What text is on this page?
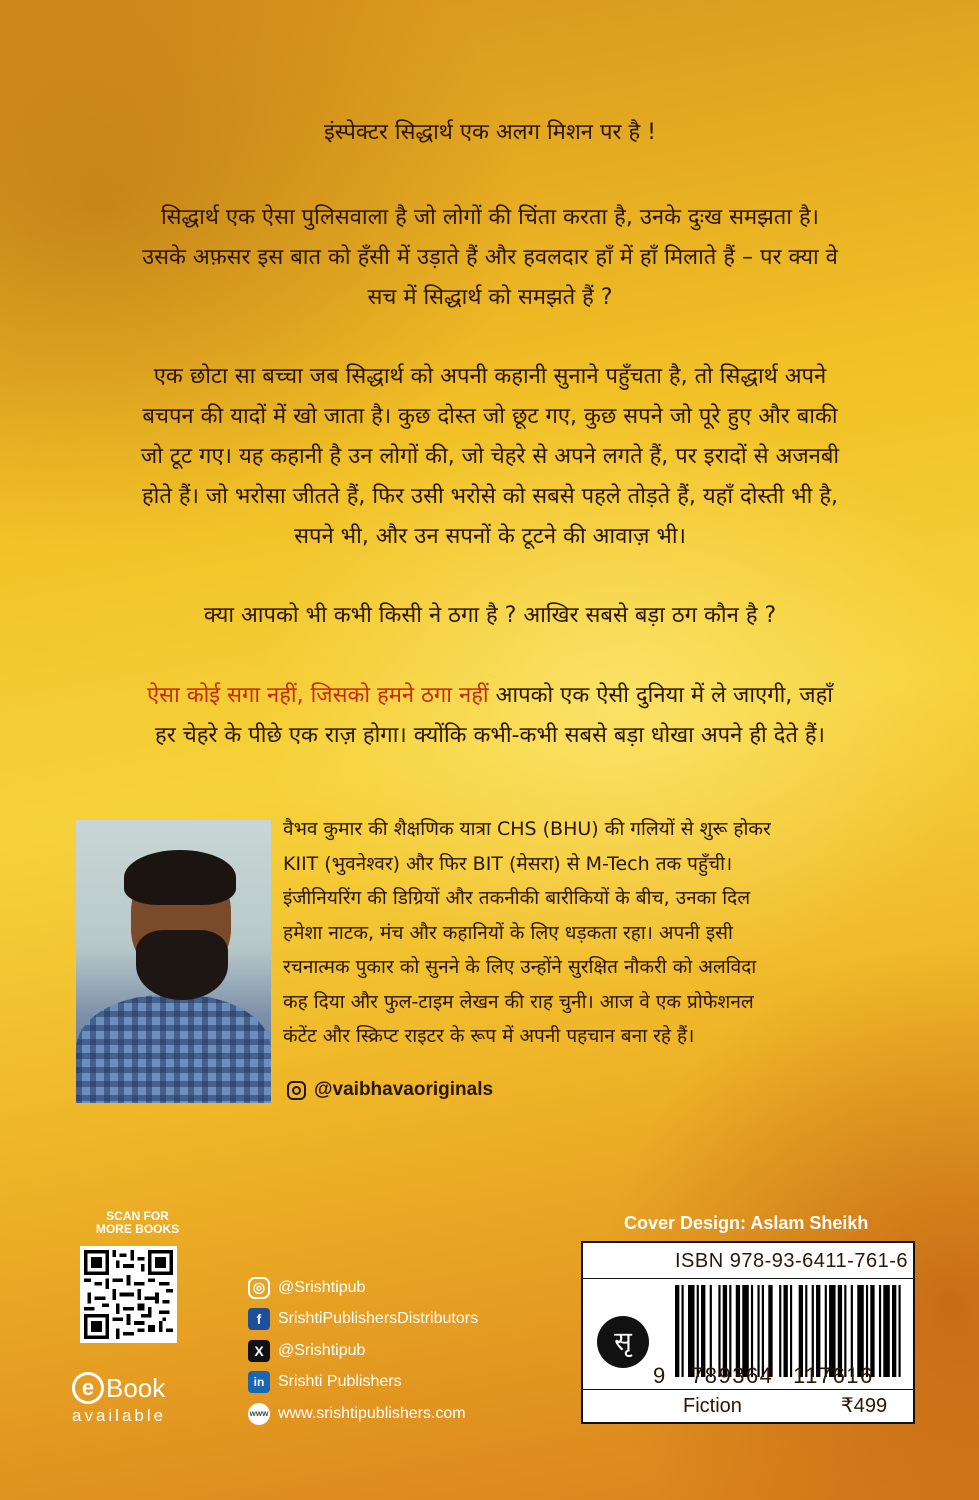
इंस्पेक्टर सिद्धार्थ एक अलग मिशन पर है !

सिद्धार्थ एक ऐसा पुलिसवाला है जो लोगों की चिंता करता है, उनके दुःख समझता है।
उसके अफ़सर इस बात को हँसी में उड़ाते हैं और हवलदार हाँ में हाँ मिलाते हैं – पर क्या वे
सच में सिद्धार्थ को समझते हैं ?
एक छोटा सा बच्चा जब सिद्धार्थ को अपनी कहानी सुनाने पहुँचता है, तो सिद्धार्थ अपने
बचपन की यादों में खो जाता है। कुछ दोस्त जो छूट गए, कुछ सपने जो पूरे हुए और बाकी
जो टूट गए। यह कहानी है उन लोगों की, जो चेहरे से अपने लगते हैं, पर इरादों से अजनबी
होते हैं। जो भरोसा जीतते हैं, फिर उसी भरोसे को सबसे पहले तोड़ते हैं, यहाँ दोस्ती भी है,
सपने भी, और उन सपनों के टूटने की आवाज़ भी।

क्या आपको भी कभी किसी ने ठगा है ? आखिर सबसे बड़ा ठग कौन है ?

ऐसा कोई सगा नहीं, जिसको हमने ठगा नहीं आपको एक ऐसी दुनिया में ले जाएगी, जहाँ
हर चेहरे के पीछे एक राज़ होगा। क्योंकि कभी-कभी सबसे बड़ा धोखा अपने ही देते हैं।
वैभव कुमार की शैक्षणिक यात्रा CHS (BHU) की गलियों से शुरू होकर
KIIT (भुवनेश्वर) और फिर BIT (मेसरा) से M-Tech तक पहुँची।
इंजीनियरिंग की डिग्रियों और तकनीकी बारीकियों के बीच, उनका दिल
हमेशा नाटक, मंच और कहानियों के लिए धड़कता रहा। अपनी इसी
रचनात्मक पुकार को सुनने के लिए उन्होंने सुरक्षित नौकरी को अलविदा
कह दिया और फुल-टाइम लेखन की राह चुनी। आज वे एक प्रोफेशनल
कंटेंट और स्क्रिप्ट राइटर के रूप में अपनी पहचान बना रहे हैं।
@vaibhavaoriginals
SCAN FOR MORE BOOKS
e Book
available
◎ @Srishtipub
f	SrishtiPublishersDistributors
X @Srishtipub
in Srishti Publishers
www www.srishtipublishers.com
Cover Design: Aslam Sheikh
ISBN 978-93-6411-761-6
सृ
9 789364 117616
Fiction	₹499
